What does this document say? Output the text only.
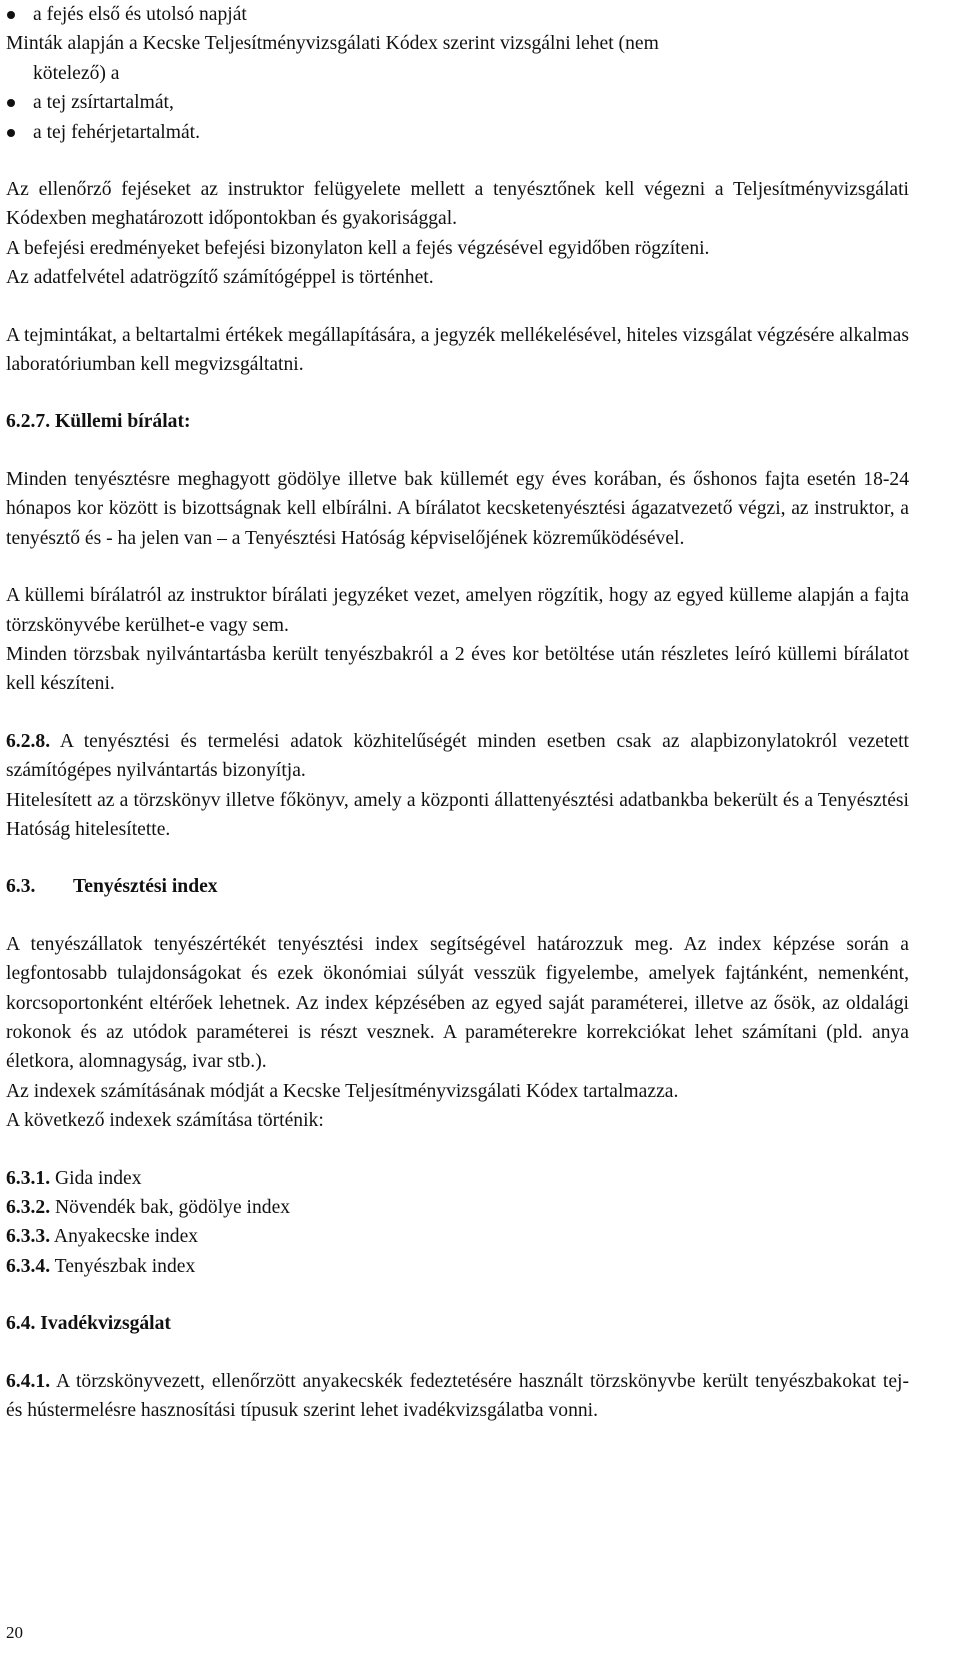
a fejés első és utolsó napját

Minták alapján a Kecske Teljesítményvizsgálati Kódex szerint vizsgálni lehet (nem

kötelező) a

a tej zsírtartalmát,

a tej fehérjetartalmát.

Az ellenőrző fejéseket az instruktor felügyelete mellett a tenyésztőnek kell végezni a Teljesítményvizsgálati Kódexben meghatározott időpontokban és gyakorisággal.

A befejési eredményeket befejési bizonylaton kell a fejés végzésével egyidőben rögzíteni.

Az adatfelvétel adatrögzítő számítógéppel is történhet.

A tejmintákat, a beltartalmi értékek megállapítására, a jegyzék mellékelésével, hiteles vizsgálat végzésére alkalmas laboratóriumban kell megvizsgáltatni.

6.2.7. Küllemi bírálat:

Minden tenyésztésre meghagyott gödölye illetve bak küllemét egy éves korában, és őshonos fajta esetén 18-24 hónapos kor között is bizottságnak kell elbírálni. A bírálatot kecsketenyésztési ágazatvezető végzi, az instruktor, a tenyésztő és - ha jelen van – a Tenyésztési Hatóság képviselőjének közreműködésével.

A küllemi bírálatról az instruktor bírálati jegyzéket vezet, amelyen rögzítik, hogy az egyed külleme alapján a fajta törzskönyvébe kerülhet-e vagy sem.

Minden törzsbak nyilvántartásba került tenyészbakról a 2 éves kor betöltése után részletes leíró küllemi bírálatot kell készíteni.

6.2.8. A tenyésztési és termelési adatok közhitelűségét minden esetben csak az alapbizonylatokról vezetett számítógépes nyilvántartás bizonyítja.

Hitelesített az a törzskönyv illetve főkönyv, amely a központi állattenyésztési adatbankba bekerült és a Tenyésztési Hatóság hitelesítette.

6.3. Tenyésztési index

A tenyészállatok tenyészértékét tenyésztési index segítségével határozzuk meg. Az index képzése során a legfontosabb tulajdonságokat és ezek ökonómiai súlyát vesszük figyelembe, amelyek fajtánként, nemenként, korcsoportonként eltérőek lehetnek. Az index képzésében az egyed saját paraméterei, illetve az ősök, az oldalági rokonok és az utódok paraméterei is részt vesznek. A paraméterekre korrekciókat lehet számítani (pld. anya életkora, alomnagyság, ivar stb.).

Az indexek számításának módját a Kecske Teljesítményvizsgálati Kódex tartalmazza.

A következő indexek számítása történik:

6.3.1. Gida index

6.3.2. Növendék bak, gödölye index

6.3.3. Anyakecske index

6.3.4. Tenyészbak index

6.4. Ivadékvizsgálat

6.4.1. A törzskönyvezett, ellenőrzött anyakecskék fedeztetésére használt törzskönyvbe került tenyészbakokat tej- és hústermelésre hasznosítási típusuk szerint lehet ivadékvizsgálatba vonni.

20
